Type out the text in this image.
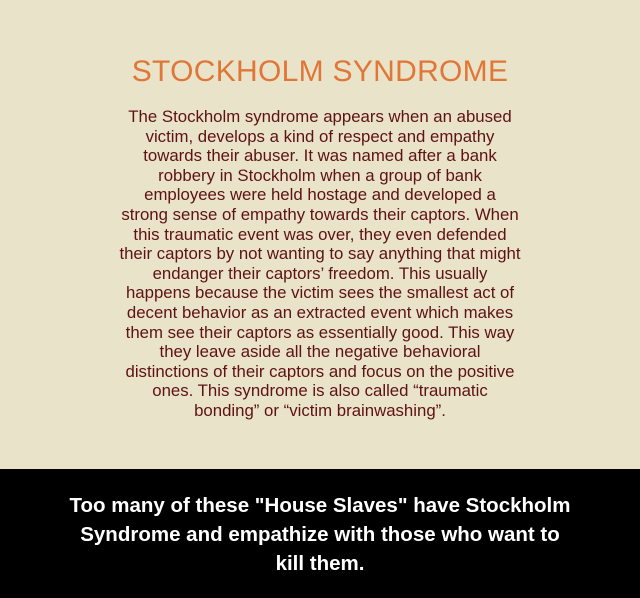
STOCKHOLM SYNDROME

The Stockholm syndrome appears when an abused
victim, develops a kind of respect and empathy
towards their abuser. It was named after a bank
robbery in Stockholm when a group of bank
employees were held hostage and developed a
strong sense of empathy towards their captors. When
this traumatic event was over, they even defended
their captors by not wanting to say anything that might
endanger their captors’ freedom. This usually
happens because the victim sees the smallest act of
decent behavior as an extracted event which makes
them see their captors as essentially good. This way
they leave aside all the negative behavioral
distinctions of their captors and focus on the positive
ones. This syndrome is also called “traumatic
bonding” or “victim brainwashing”.

Too many of these "House Slaves" have Stockholm
Syndrome and empathize with those who want to
kill them.
